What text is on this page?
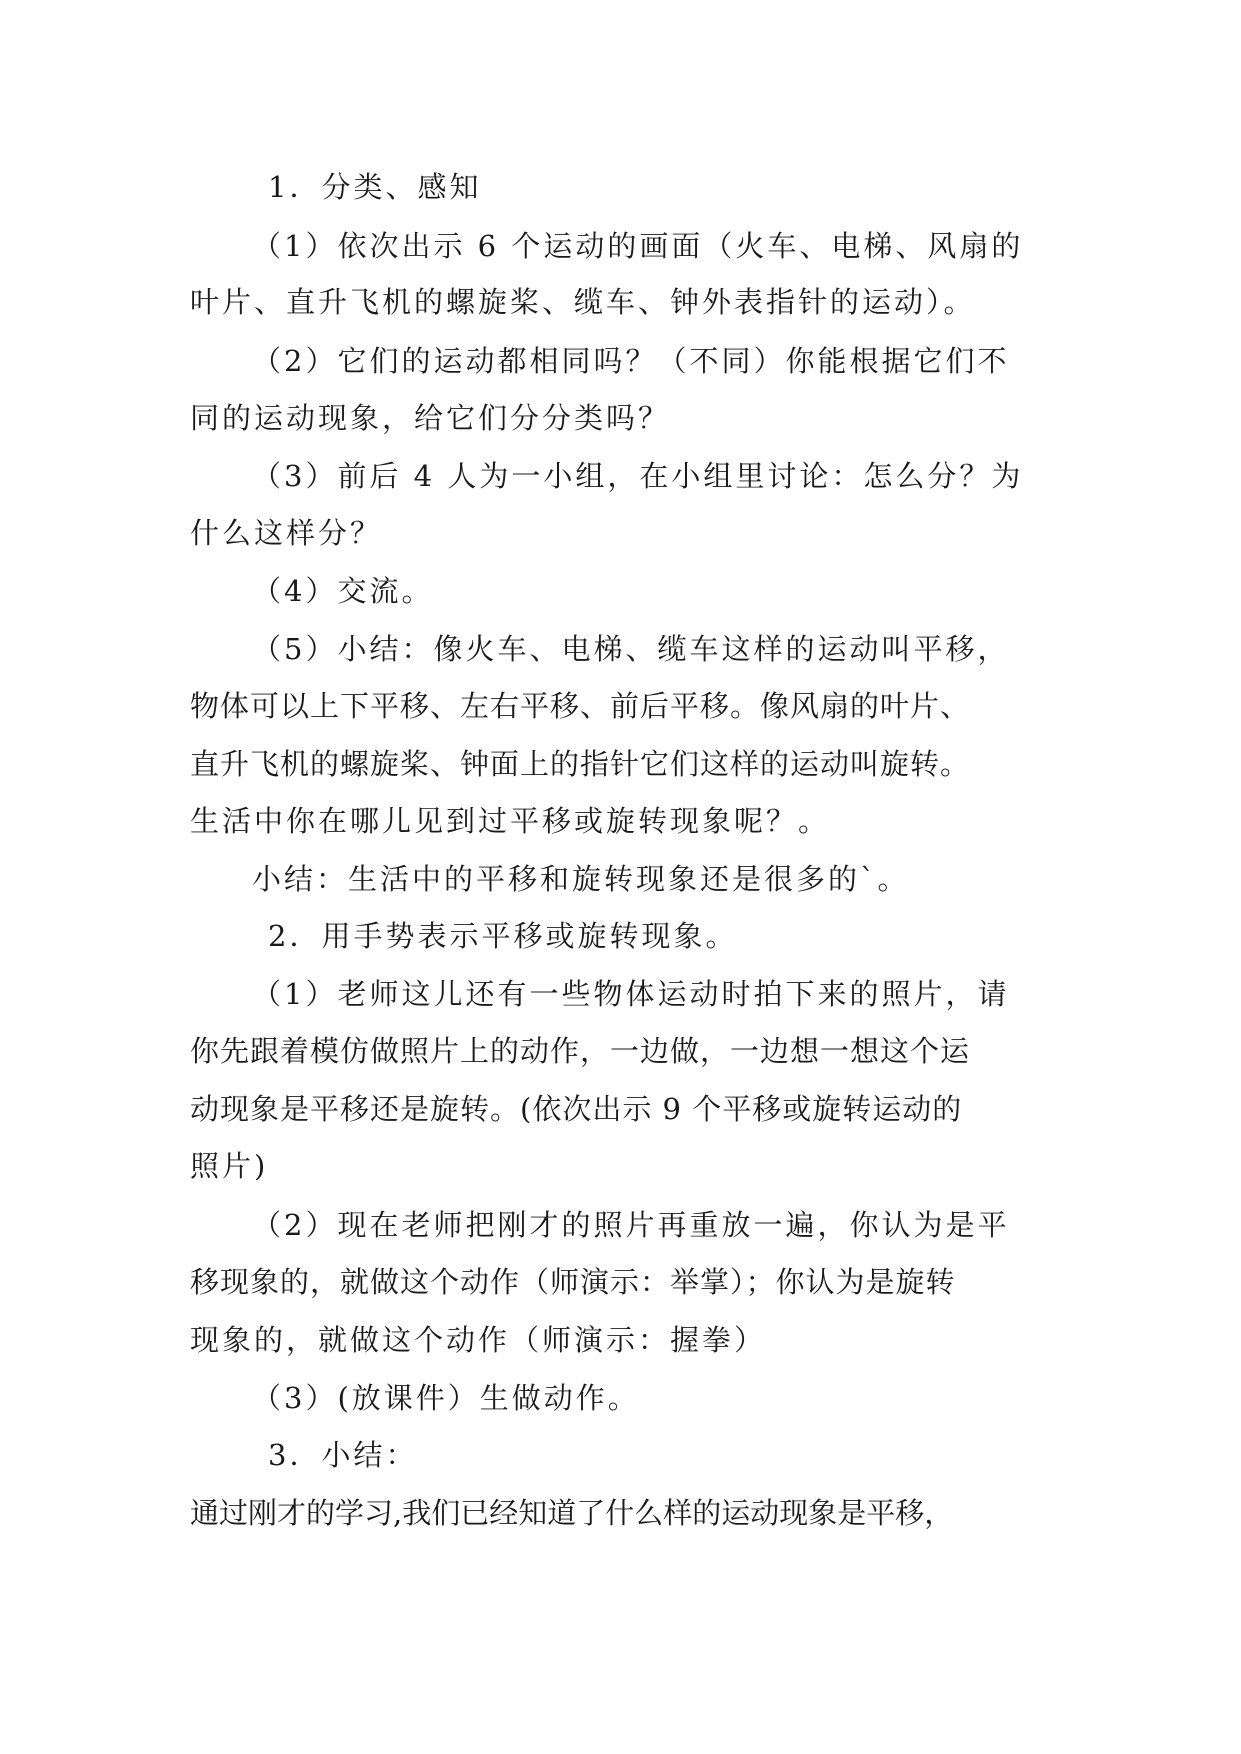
1．分类、感知
（1）依次出示 6 个运动的画面（火车、电梯、风扇的
叶片、直升飞机的螺旋桨、缆车、钟外表指针的运动）。
（2）它们的运动都相同吗？（不同）你能根据它们不
同的运动现象，给它们分分类吗？
（3）前后 4 人为一小组，在小组里讨论：怎么分？为
什么这样分？
（4）交流。
（5）小结：像火车、电梯、缆车这样的运动叫平移，
物体可以上下平移、左右平移、前后平移。像风扇的叶片、
直升飞机的螺旋桨、钟面上的指针它们这样的运动叫旋转。
生活中你在哪儿见到过平移或旋转现象呢？。
小结：生活中的平移和旋转现象还是很多的`。
2．用手势表示平移或旋转现象。
（1）老师这儿还有一些物体运动时拍下来的照片，请
你先跟着模仿做照片上的动作，一边做，一边想一想这个运
动现象是平移还是旋转。(依次出示 9 个平移或旋转运动的
照片)
（2）现在老师把刚才的照片再重放一遍，你认为是平
移现象的，就做这个动作（师演示：举掌）；你认为是旋转
现象的，就做这个动作（师演示：握拳）
（3）(放课件）生做动作。
3．小结：
通过刚才的学习,我们已经知道了什么样的运动现象是平移，
